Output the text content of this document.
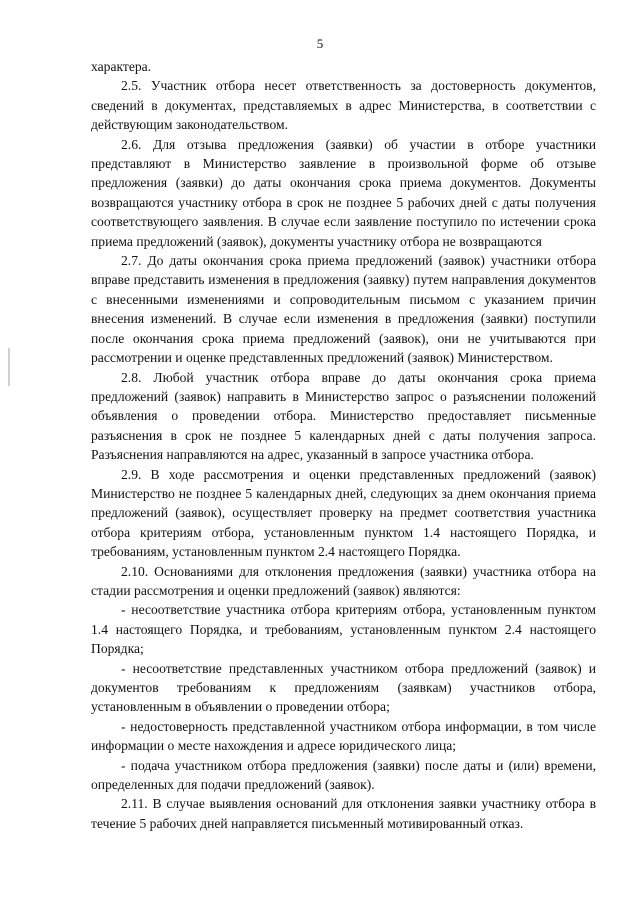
5

характера.

2.5. Участник отбора несет ответственность за достоверность документов, сведений в документах, представляемых в адрес Министерства, в соответствии с действующим законодательством.

2.6. Для отзыва предложения (заявки) об участии в отборе участники представляют в Министерство заявление в произвольной форме об отзыве предложения (заявки) до даты окончания срока приема документов. Документы возвращаются участнику отбора в срок не позднее 5 рабочих дней с даты получения соответствующего заявления. В случае если заявление поступило по истечении срока приема предложений (заявок), документы участнику отбора не возвращаются

2.7. До даты окончания срока приема предложений (заявок) участники отбора вправе представить изменения в предложения (заявку) путем направления документов с внесенными изменениями и сопроводительным письмом с указанием причин внесения изменений. В случае если изменения в предложения (заявки) поступили после окончания срока приема предложений (заявок), они не учитываются при рассмотрении и оценке представленных предложений (заявок) Министерством.

2.8. Любой участник отбора вправе до даты окончания срока приема предложений (заявок) направить в Министерство запрос о разъяснении положений объявления о проведении отбора. Министерство предоставляет письменные разъяснения в срок не позднее 5 календарных дней с даты получения запроса. Разъяснения направляются на адрес, указанный в запросе участника отбора.

2.9. В ходе рассмотрения и оценки представленных предложений (заявок) Министерство не позднее 5 календарных дней, следующих за днем окончания приема предложений (заявок), осуществляет проверку на предмет соответствия участника отбора критериям отбора, установленным пунктом 1.4 настоящего Порядка, и требованиям, установленным пунктом 2.4 настоящего Порядка.

2.10. Основаниями для отклонения предложения (заявки) участника отбора на стадии рассмотрения и оценки предложений (заявок) являются:

- несоответствие участника отбора критериям отбора, установленным пунктом 1.4 настоящего Порядка, и требованиям, установленным пунктом 2.4 настоящего Порядка;

- несоответствие представленных участником отбора предложений (заявок) и документов требованиям к предложениям (заявкам) участников отбора, установленным в объявлении о проведении отбора;

- недостоверность представленной участником отбора информации, в том числе информации о месте нахождения и адресе юридического лица;

- подача участником отбора предложения (заявки) после даты и (или) времени, определенных для подачи предложений (заявок).

2.11. В случае выявления оснований для отклонения заявки участнику отбора в течение 5 рабочих дней направляется письменный мотивированный отказ.
